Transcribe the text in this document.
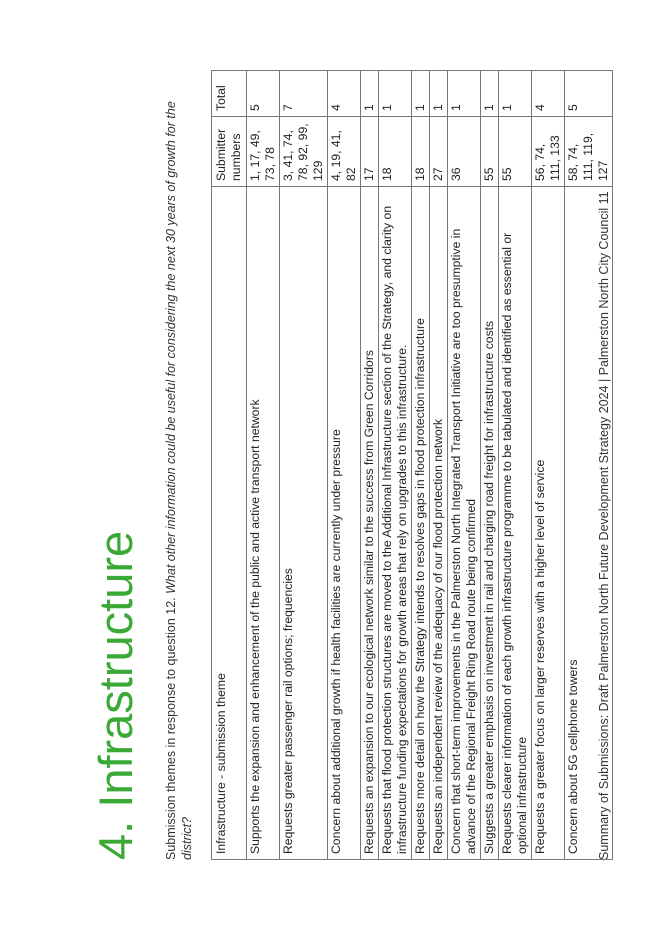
4. Infrastructure Submission themes in response to question 12. What other information could be useful for considering the next 30 years of growth for the district? Infrastructure - submission theme	Submitter numbers	Total
Supports the expansion and enhancement of the public and active transport network	1, 17, 49, 73, 78	5
Requests greater passenger rail options; frequencies	3, 41, 74, 78, 92, 99, 129	7
Concern about additional growth if health facilities are currently under pressure	4, 19, 41, 82	4
Requests an expansion to our ecological network similar to the success from Green Corridors	17	1
Requests that flood protection structures are moved to the Additional Infrastructure section of the Strategy, and clarity on infrastructure funding expectations for growth areas that rely on upgrades to this infrastructure.	18	1
Requests more detail on how the Strategy intends to resolves gaps in flood protection infrastructure	18	1
Requests an independent review of the adequacy of our flood protection network	27	1
Concern that short-term improvements in the Palmerston North Integrated Transport Initiative are too presumptive in advance of the Regional Freight Ring Road route being confirmed	36	1
Suggests a greater emphasis on investment in rail and charging road freight for infrastructure costs	55	1
Requests clearer information of each growth infrastructure programme to be tabulated and identified as essential or optional infrastructure	55	1
Requests a greater focus on larger reserves with a higher level of service	56, 74, 111, 133	4
Concern about 5G cellphone towers	58, 74, 111, 119, 127	5
Summary of Submissions: Draft Palmerston North Future Development Strategy 2024 | Palmerston North City Council 11
